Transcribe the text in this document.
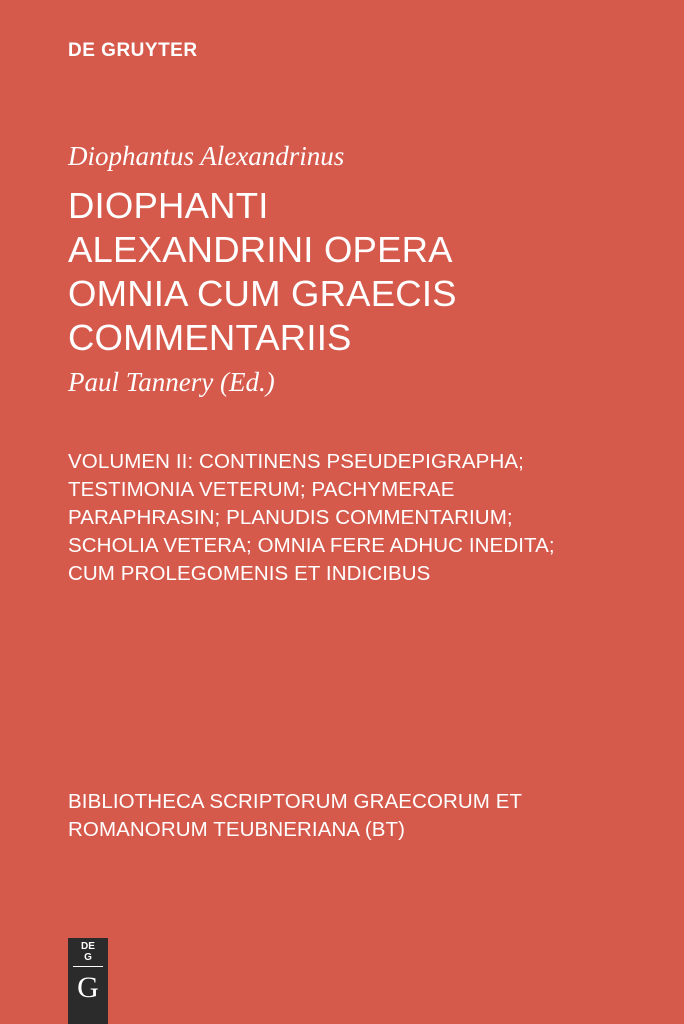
DE GRUYTER
Diophantus Alexandrinus
DIOPHANTI
ALEXANDRINI OPERA
OMNIA CUM GRAECIS
COMMENTARIIS
Paul Tannery (Ed.)
VOLUMEN II: CONTINENS PSEUDEPIGRAPHA;
TESTIMONIA VETERUM; PACHYMERAE
PARAPHRASIN; PLANUDIS COMMENTARIUM;
SCHOLIA VETERA; OMNIA FERE ADHUC INEDITA;
CUM PROLEGOMENIS ET INDICIBUS
BIBLIOTHECA SCRIPTORUM GRAECORUM ET
ROMANORUM TEUBNERIANA (BT)
DE
G
G
